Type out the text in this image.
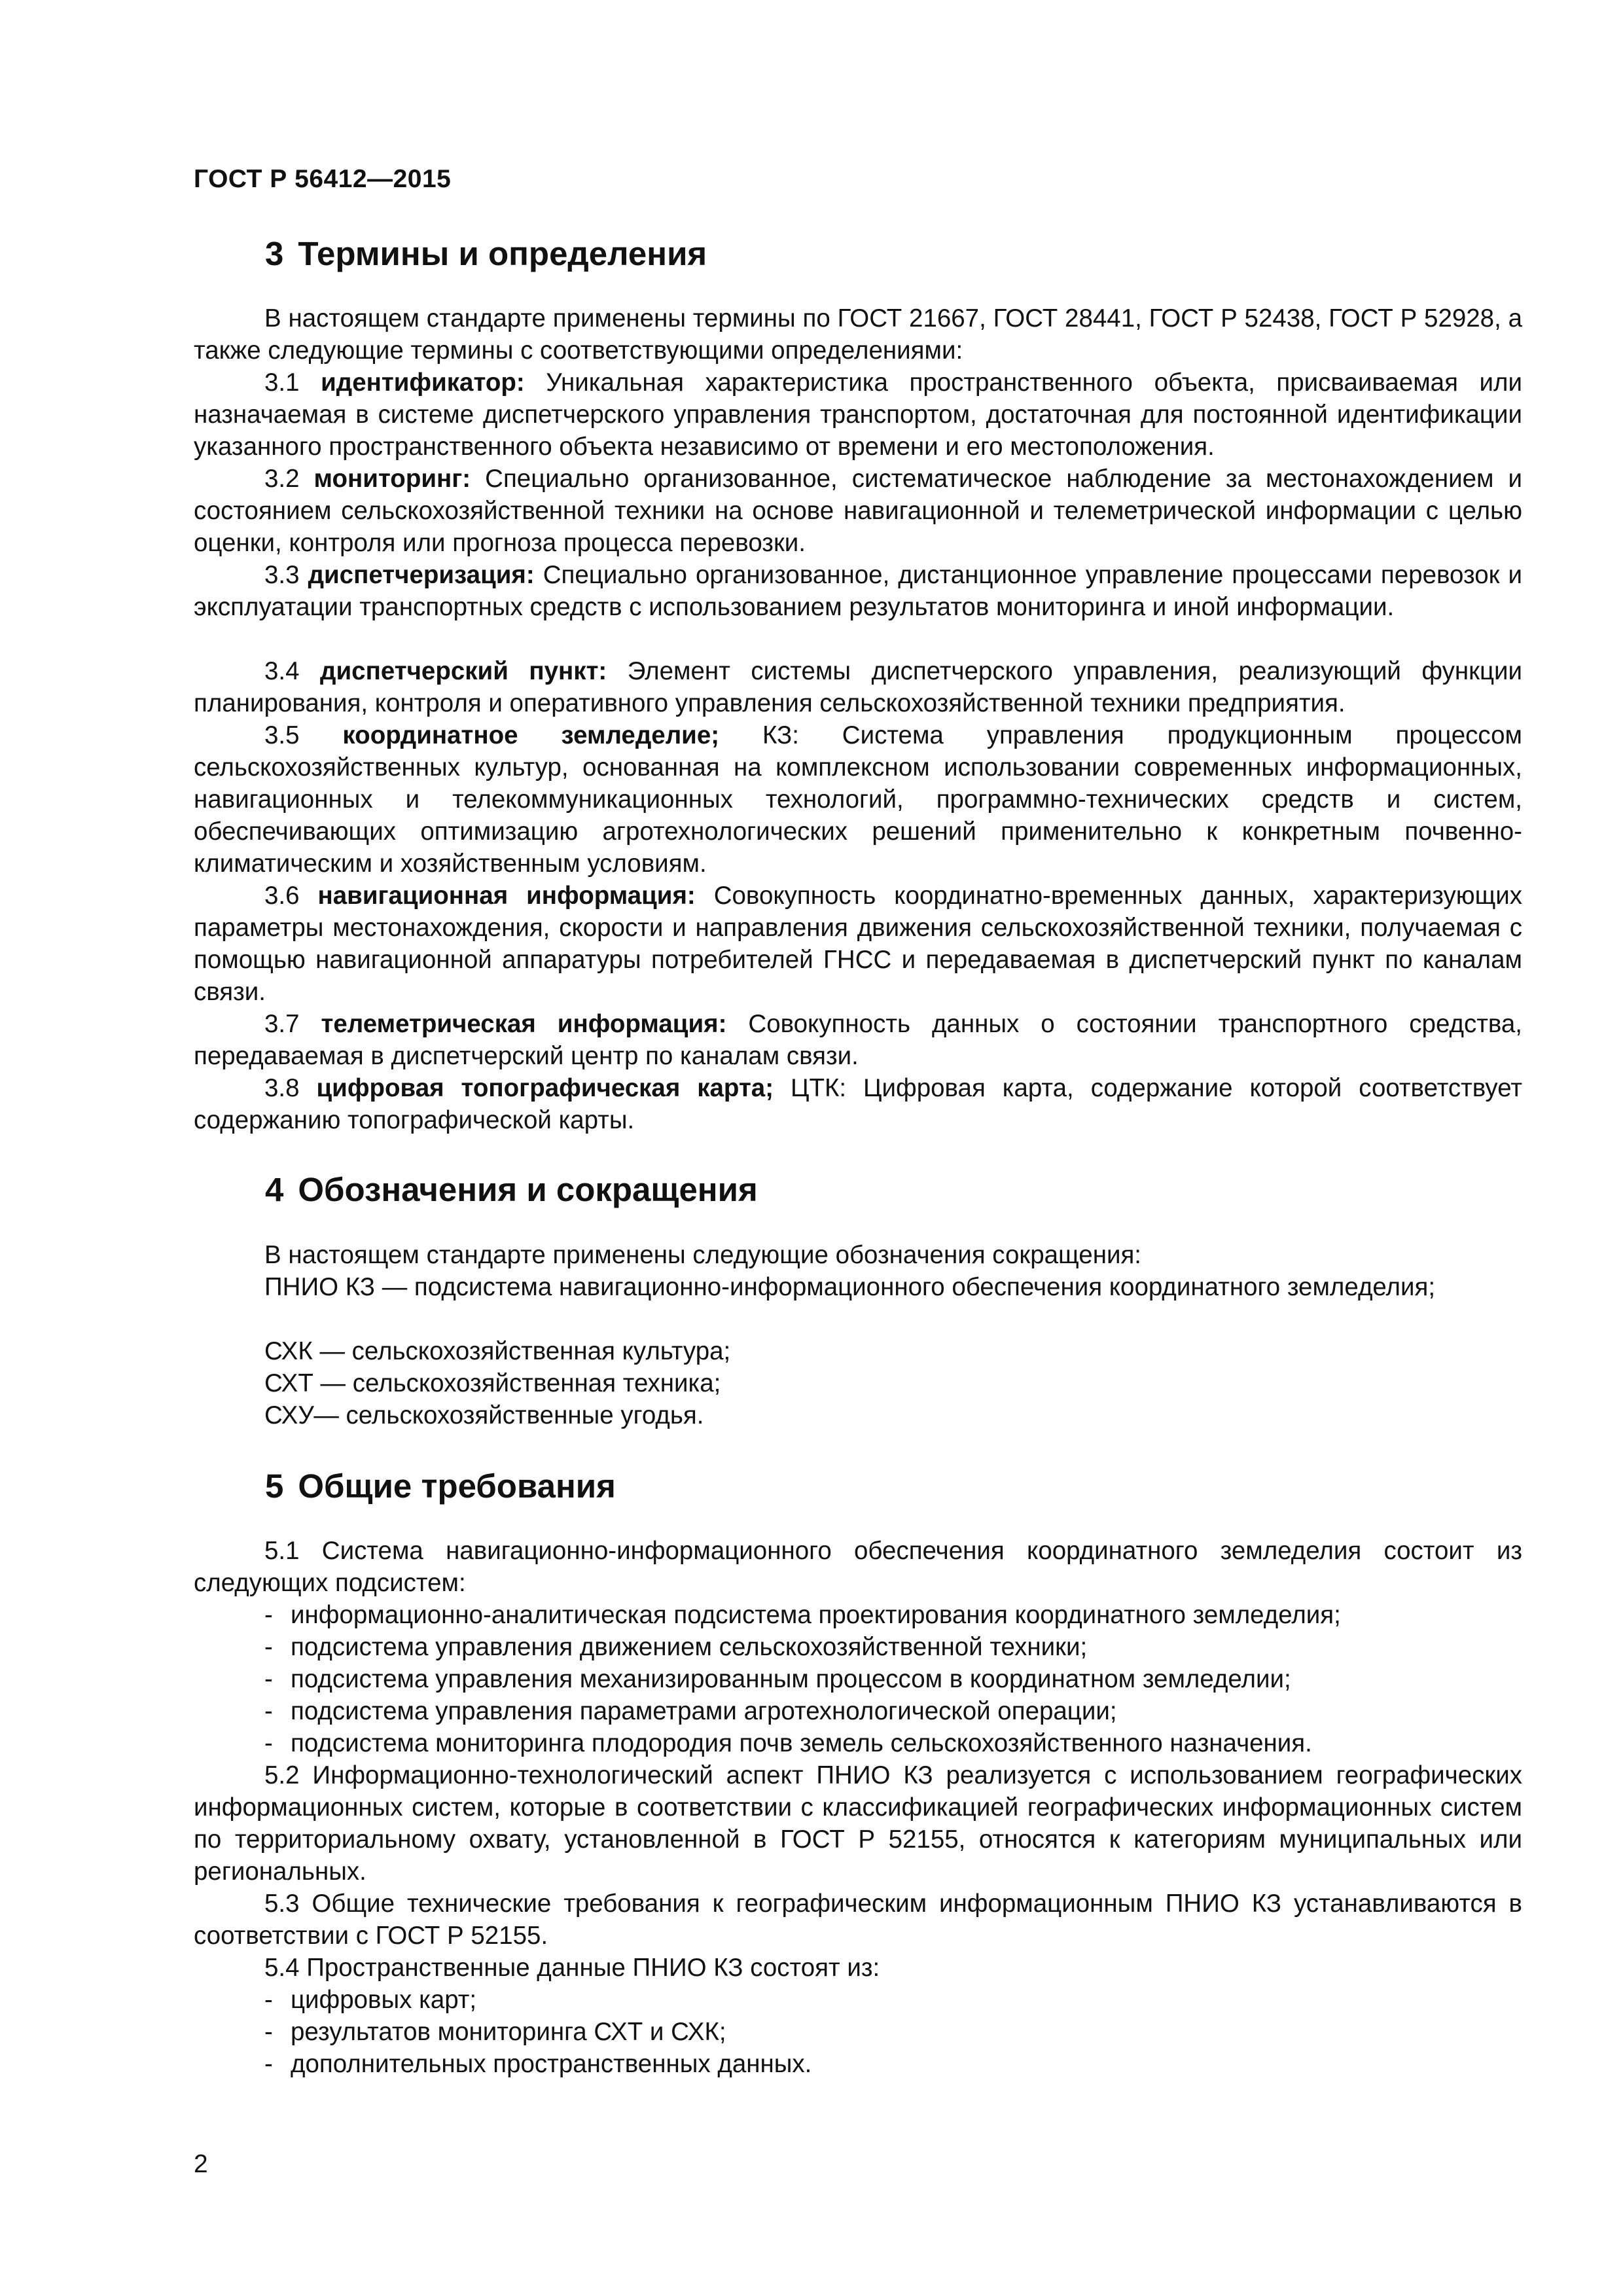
ГОСТ Р 56412—2015

3 Термины и определения

В настоящем стандарте применены термины по ГОСТ 21667, ГОСТ 28441, ГОСТ Р 52438, ГОСТ Р 52928, а также следующие термины с соответствующими определениями:

3.1 идентификатор: Уникальная характеристика пространственного объекта, присваиваемая или назначаемая в системе диспетчерского управления транспортом, достаточная для постоянной идентификации указанного пространственного объекта независимо от времени и его местоположения.

3.2 мониторинг: Специально организованное, систематическое наблюдение за местонахождением и состоянием сельскохозяйственной техники на основе навигационной и телеметрической информации с целью оценки, контроля или прогноза процесса перевозки.

3.3 диспетчеризация: Специально организованное, дистанционное управление процессами перевозок и эксплуатации транспортных средств с использованием результатов мониторинга и иной информации.

3.4 диспетчерский пункт: Элемент системы диспетчерского управления, реализующий функции планирования, контроля и оперативного управления сельскохозяйственной техники предприятия.

3.5 координатное земледелие; КЗ: Система управления продукционным процессом сельскохозяйственных культур, основанная на комплексном использовании современных информационных, навигационных и телекоммуникационных технологий, программно-технических средств и систем, обеспечивающих оптимизацию агротехнологических решений применительно к конкретным почвенно-климатическим и хозяйственным условиям.

3.6 навигационная информация: Совокупность координатно-временных данных, характеризующих параметры местонахождения, скорости и направления движения сельскохозяйственной техники, получаемая с помощью навигационной аппаратуры потребителей ГНСС и передаваемая в диспетчерский пункт по каналам связи.

3.7 телеметрическая информация: Совокупность данных о состоянии транспортного средства, передаваемая в диспетчерский центр по каналам связи.

3.8 цифровая топографическая карта; ЦТК: Цифровая карта, содержание которой соответствует содержанию топографической карты.

4 Обозначения и сокращения

В настоящем стандарте применены следующие обозначения сокращения:

ПНИО КЗ — подсистема навигационно-информационного обеспечения координатного земледелия;

СХК — сельскохозяйственная культура;

СХТ — сельскохозяйственная техника;

СХУ— сельскохозяйственные угодья.

5 Общие требования

5.1 Система навигационно-информационного обеспечения координатного земледелия состоит из следующих подсистем:

- информационно-аналитическая подсистема проектирования координатного земледелия;

- подсистема управления движением сельскохозяйственной техники;

- подсистема управления механизированным процессом в координатном земледелии;

- подсистема управления параметрами агротехнологической операции;

- подсистема мониторинга плодородия почв земель сельскохозяйственного назначения.

5.2 Информационно-технологический аспект ПНИО КЗ реализуется с использованием географических информационных систем, которые в соответствии с классификацией географических информационных систем по территориальному охвату, установленной в ГОСТ Р 52155, относятся к категориям муниципальных или региональных.

5.3 Общие технические требования к географическим информационным ПНИО КЗ устанавливаются в соответствии с ГОСТ Р 52155.

5.4 Пространственные данные ПНИО КЗ состоят из:

- цифровых карт;

- результатов мониторинга СХТ и СХК;

- дополнительных пространственных данных.

2
